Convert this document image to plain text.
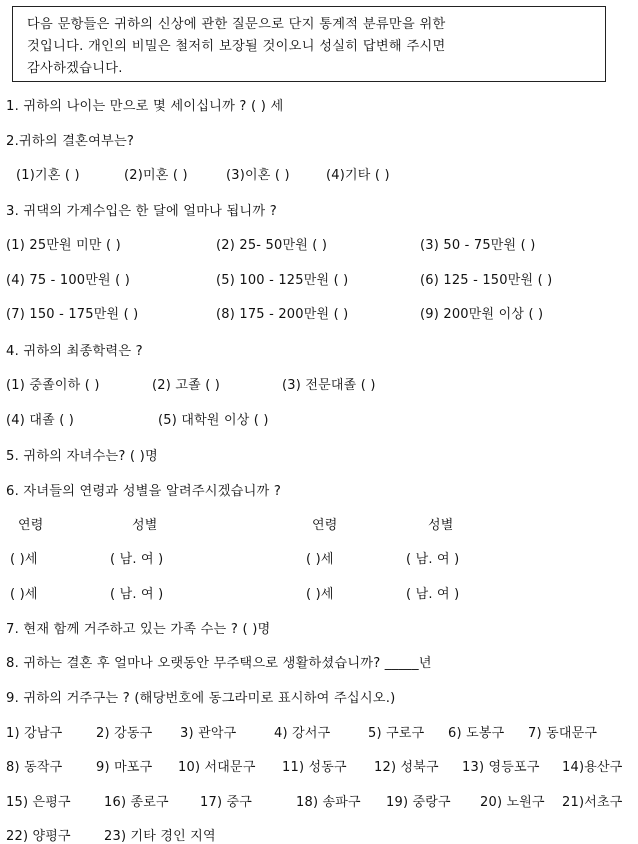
다음 문항들은 귀하의 신상에 관한 질문으로 단지 통계적 분류만을 위한
것입니다. 개인의 비밀은 철저히 보장될 것이오니 성실히 답변해 주시면
감사하겠습니다.
1. 귀하의 나이는 만으로 몇 세이십니까 ? ( ) 세
2.귀하의 결혼여부는?
(1)기혼 ( )	(2)미혼 ( )	(3)이혼 ( )	(4)기타 ( )
3. 귀댁의 가계수입은 한 달에 얼마나 됩니까 ?
(1) 25만원 미만 ( )	(2) 25- 50만원 ( )	(3) 50 - 75만원 ( )
(4) 75 - 100만원 ( )	(5) 100 - 125만원 ( )	(6) 125 - 150만원 ( )
(7) 150 - 175만원 ( )	(8) 175 - 200만원 ( )	(9) 200만원 이상 ( )
4. 귀하의 최종학력은 ?
(1) 중졸이하 ( )	(2) 고졸 ( )	(3) 전문대졸 ( )
(4) 대졸 ( )	(5) 대학원 이상 ( )
5. 귀하의 자녀수는? ( )명
6. 자녀들의 연령과 성별을 알려주시겠습니까 ?
연령	성별	연령	성별
( )세	( 남. 여 )	( )세	( 남. 여 )
( )세	( 남. 여 )	( )세	( 남. 여 )
7. 현재 함께 거주하고 있는 가족 수는 ? ( )명
8. 귀하는 결혼 후 얼마나 오랫동안 무주택으로 생활하셨습니까? _____년
9. 귀하의 거주구는 ? (해당번호에 동그라미로 표시하여 주십시오.)
1) 강남구	2) 강동구 3) 관악구	4) 강서구	5) 구로구 6) 도봉구 7) 동대문구
8) 동작구	9) 마포구 10) 서대문구 11) 성동구 12) 성북구 13) 영등포구 14)용산구
15) 은평구	16) 종로구 17) 중구	18) 송파구 19) 중랑구 20) 노원구 21)서초구
22) 양평구	23) 기타 경인 지역
